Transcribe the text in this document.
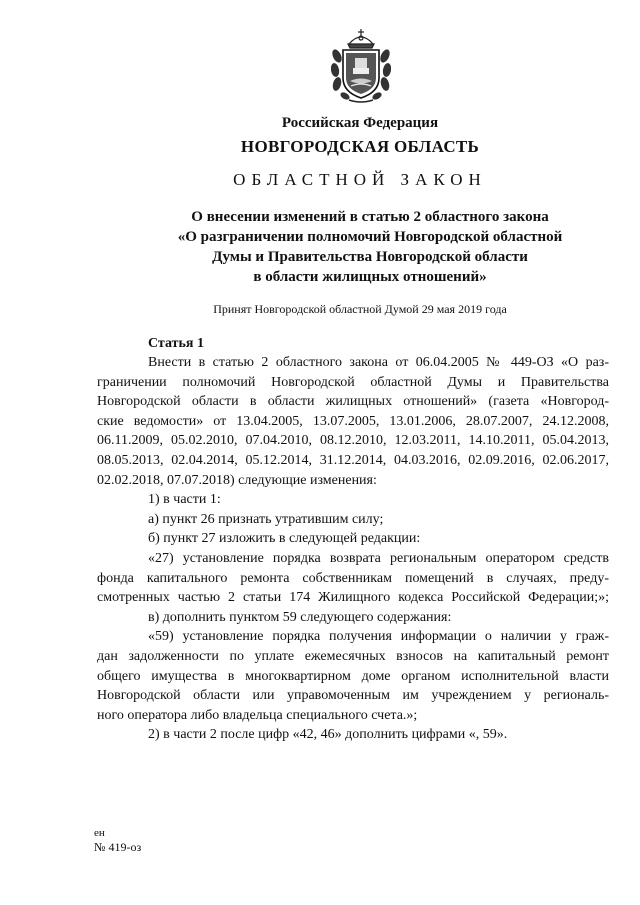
Российская Федерация
НОВГОРОДСКАЯ ОБЛАСТЬ
ОБЛАСТНОЙ ЗАКОН
О внесении изменений в статью 2 областного закона
«О разграничении полномочий Новгородской областной
Думы и Правительства Новгородской области
в области жилищных отношений»
Принят Новгородской областной Думой 29 мая 2019 года
Статья 1
Внести в статью 2 областного закона от 06.04.2005 № 449-ОЗ «О раз-
граничении полномочий Новгородской областной Думы и Правительства
Новгородской области в области жилищных отношений» (газета «Новгород-
ские ведомости» от 13.04.2005, 13.07.2005, 13.01.2006, 28.07.2007, 24.12.2008,
06.11.2009, 05.02.2010, 07.04.2010, 08.12.2010, 12.03.2011, 14.10.2011, 05.04.2013,
08.05.2013, 02.04.2014, 05.12.2014, 31.12.2014, 04.03.2016, 02.09.2016, 02.06.2017,
02.02.2018, 07.07.2018) следующие изменения:
1) в части 1:
а) пункт 26 признать утратившим силу;
б) пункт 27 изложить в следующей редакции:
«27) установление порядка возврата региональным оператором средств
фонда капитального ремонта собственникам помещений в случаях, преду-
смотренных частью 2 статьи 174 Жилищного кодекса Российской Федерации;»;
в) дополнить пунктом 59 следующего содержания:
«59) установление порядка получения информации о наличии у граж-
дан задолженности по уплате ежемесячных взносов на капитальный ремонт
общего имущества в многоквартирном доме органом исполнительной власти
Новгородской области или управомоченным им учреждением у региональ-
ного оператора либо владельца специального счета.»;
2) в части 2 после цифр «42, 46» дополнить цифрами «, 59».
ен
№ 419-оз
